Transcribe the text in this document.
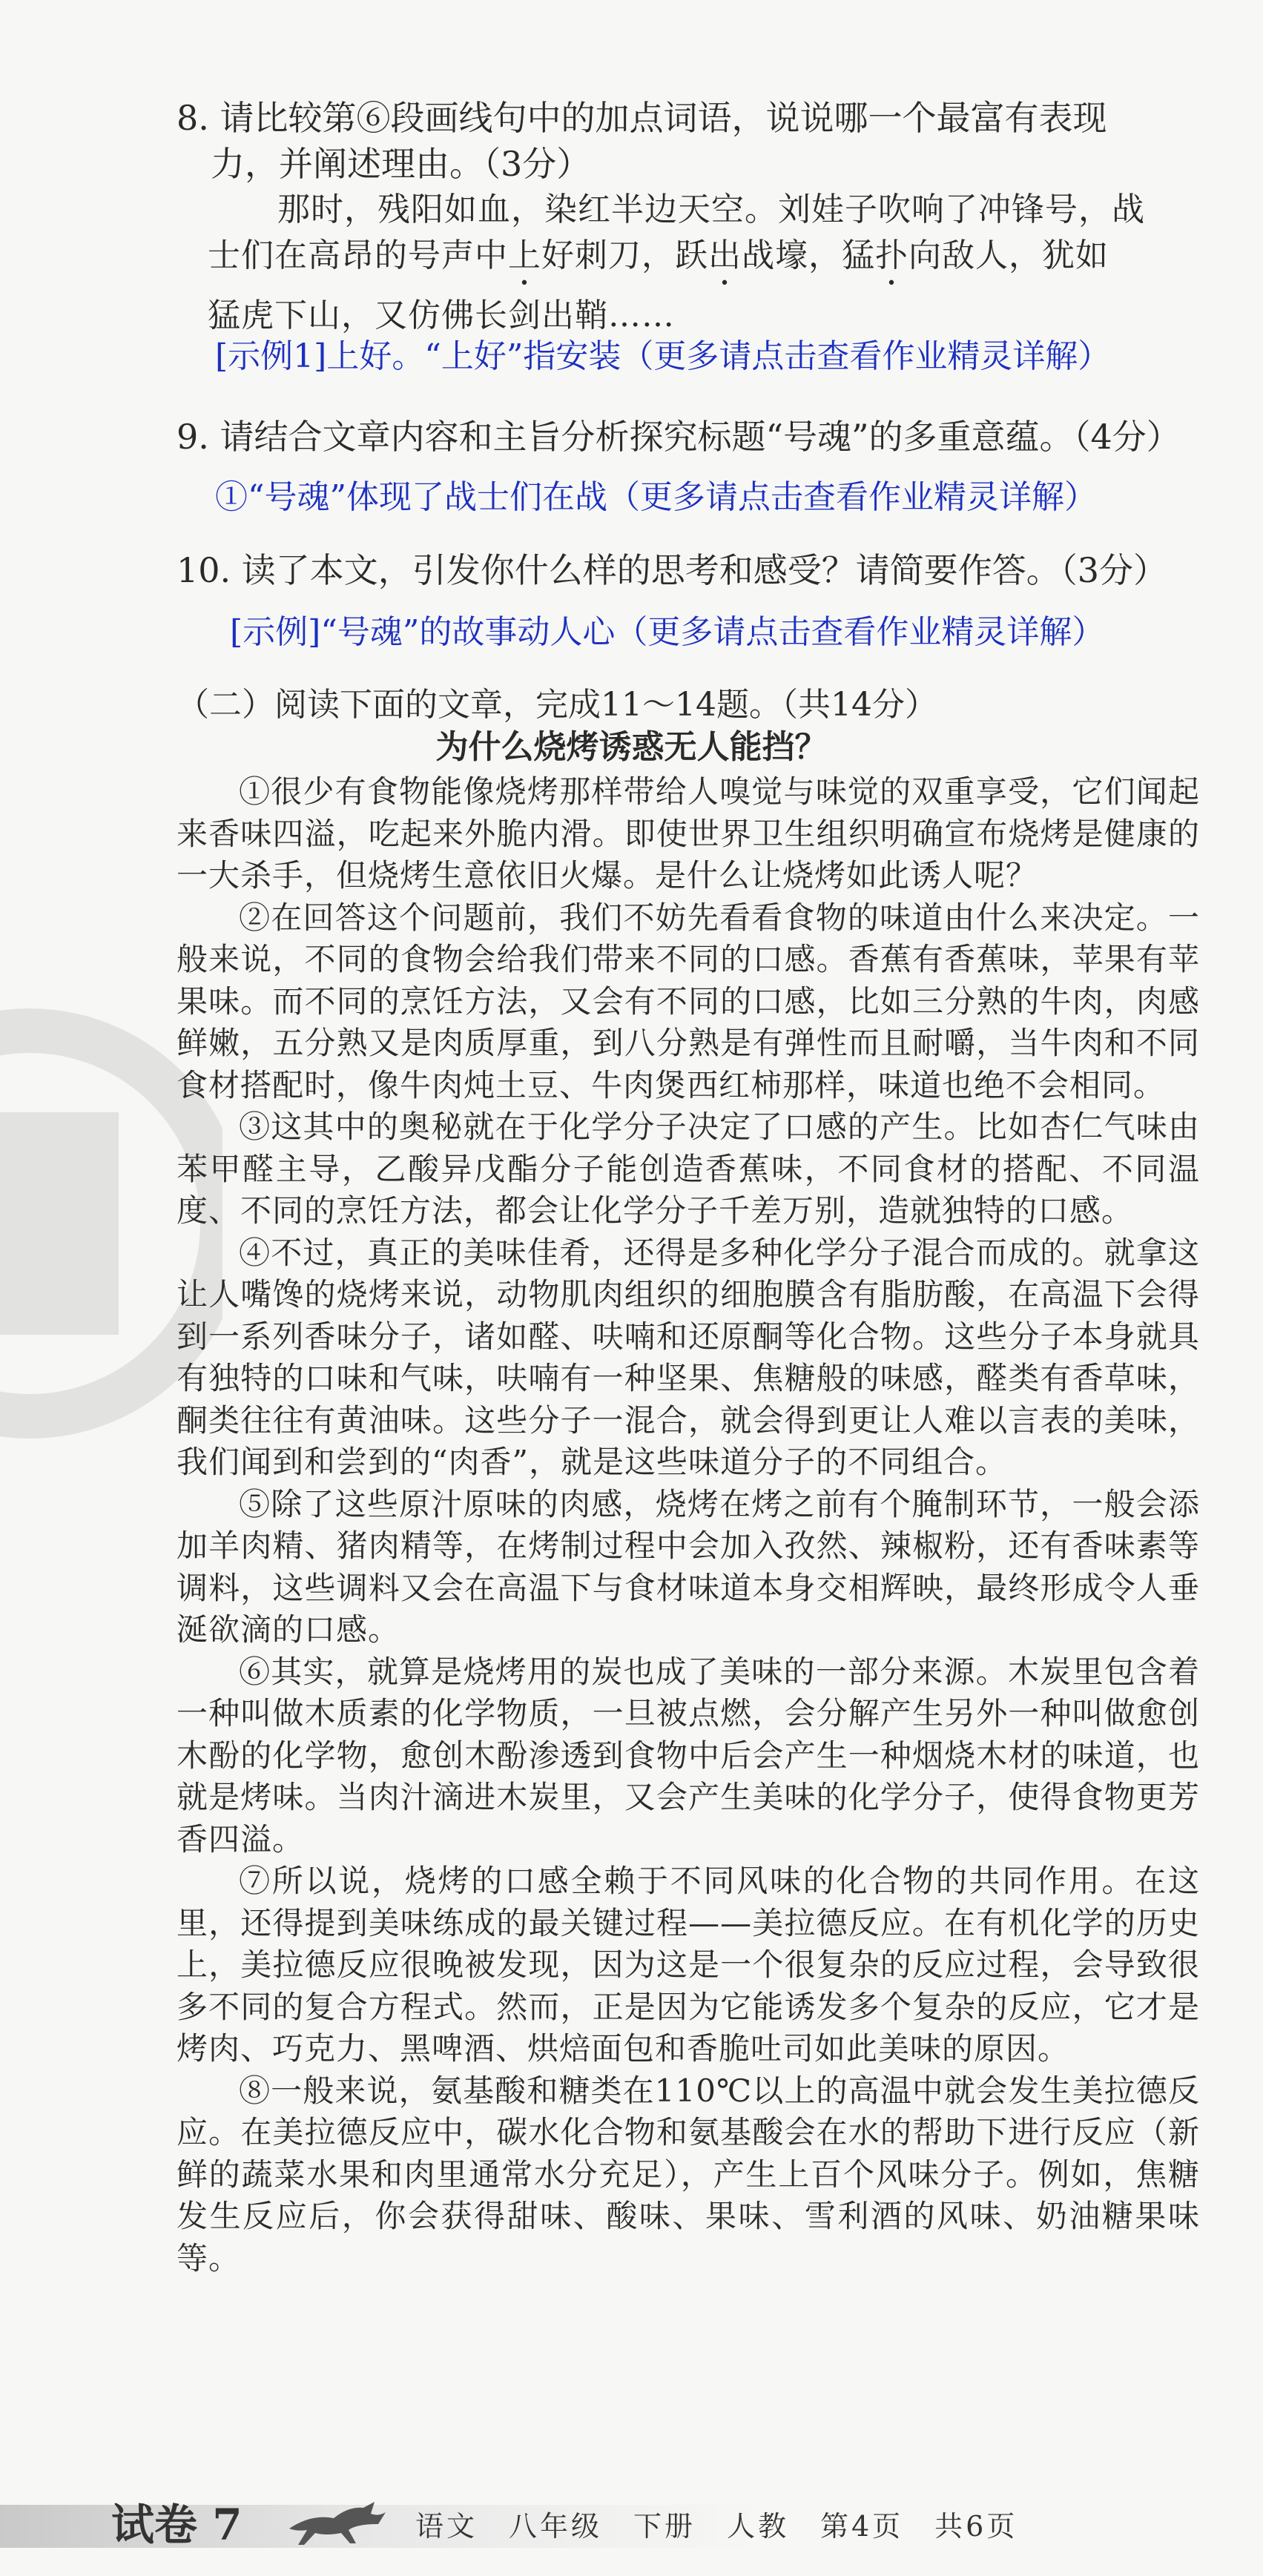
8. 请比较第⑥段画线句中的加点词语，说说哪一个最富有表现
力，并阐述理由。（3分）
那时，残阳如血，染红半边天空。刘娃子吹响了冲锋号，战
士们在高昂的号声中上好刺刀，跃出战壕，猛扑向敌人，犹如
猛虎下山，又仿佛长剑出鞘……
[示例1]上好。“上好”指安装（更多请点击查看作业精灵详解）
9. 请结合文章内容和主旨分析探究标题“号魂”的多重意蕴。（4分）
①“号魂”体现了战士们在战（更多请点击查看作业精灵详解）
10. 读了本文，引发你什么样的思考和感受？请简要作答。（3分）
[示例]“号魂”的故事动人心（更多请点击查看作业精灵详解）
（二）阅读下面的文章，完成11～14题。（共14分）
为什么烧烤诱惑无人能挡？

①很少有食物能像烧烤那样带给人嗅觉与味觉的双重享受，它们闻起来香味四溢，吃起来外脆内滑。即使世界卫生组织明确宣布烧烤是健康的一大杀手，但烧烤生意依旧火爆。是什么让烧烤如此诱人呢？

②在回答这个问题前，我们不妨先看看食物的味道由什么来决定。一般来说，不同的食物会给我们带来不同的口感。香蕉有香蕉味，苹果有苹果味。而不同的烹饪方法，又会有不同的口感，比如三分熟的牛肉，肉感鲜嫩，五分熟又是肉质厚重，到八分熟是有弹性而且耐嚼，当牛肉和不同食材搭配时，像牛肉炖土豆、牛肉煲西红柿那样，味道也绝不会相同。

③这其中的奥秘就在于化学分子决定了口感的产生。比如杏仁气味由苯甲醛主导，乙酸异戊酯分子能创造香蕉味，不同食材的搭配、不同温度、不同的烹饪方法，都会让化学分子千差万别，造就独特的口感。

④不过，真正的美味佳肴，还得是多种化学分子混合而成的。就拿这让人嘴馋的烧烤来说，动物肌肉组织的细胞膜含有脂肪酸，在高温下会得到一系列香味分子，诸如醛、呋喃和还原酮等化合物。这些分子本身就具有独特的口味和气味，呋喃有一种坚果、焦糖般的味感，醛类有香草味，酮类往往有黄油味。这些分子一混合，就会得到更让人难以言表的美味，我们闻到和尝到的“肉香”，就是这些味道分子的不同组合。

⑤除了这些原汁原味的肉感，烧烤在烤之前有个腌制环节，一般会添加羊肉精、猪肉精等，在烤制过程中会加入孜然、辣椒粉，还有香味素等调料，这些调料又会在高温下与食材味道本身交相辉映，最终形成令人垂涎欲滴的口感。

⑥其实，就算是烧烤用的炭也成了美味的一部分来源。木炭里包含着一种叫做木质素的化学物质，一旦被点燃，会分解产生另外一种叫做愈创木酚的化学物，愈创木酚渗透到食物中后会产生一种烟烧木材的味道，也就是烤味。当肉汁滴进木炭里，又会产生美味的化学分子，使得食物更芳香四溢。

⑦所以说，烧烤的口感全赖于不同风味的化合物的共同作用。在这里，还得提到美味练成的最关键过程——美拉德反应。在有机化学的历史上，美拉德反应很晚被发现，因为这是一个很复杂的反应过程，会导致很多不同的复合方程式。然而，正是因为它能诱发多个复杂的反应，它才是烤肉、巧克力、黑啤酒、烘焙面包和香脆吐司如此美味的原因。

⑧一般来说，氨基酸和糖类在110℃以上的高温中就会发生美拉德反应。在美拉德反应中，碳水化合物和氨基酸会在水的帮助下进行反应（新鲜的蔬菜水果和肉里通常水分充足），产生上百个风味分子。例如，焦糖发生反应后，你会获得甜味、酸味、果味、雪利酒的风味、奶油糖果味等。

试卷 7	语文　八年级　下册　人教　第4页　共6页
